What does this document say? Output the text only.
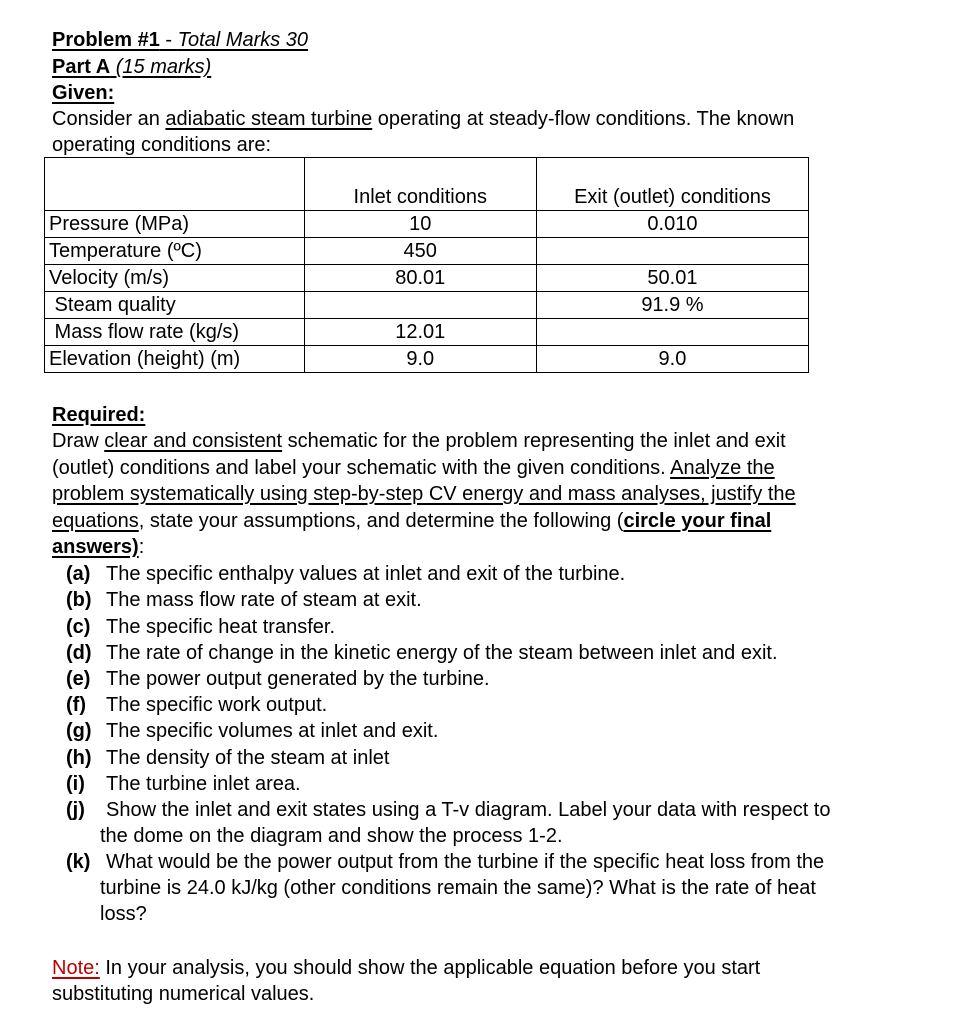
Problem #1 - Total Marks 30
Part A (15 marks)
Given:
Consider an adiabatic steam turbine operating at steady-flow conditions. The known
operating conditions are:
	Inlet conditions	Exit (outlet) conditions
Pressure (MPa)	10	0.010
Temperature (ºC)	450	
Velocity (m/s)	80.01	50.01
Steam quality		91.9 %
Mass flow rate (kg/s)	12.01	
Elevation (height) (m)	9.0	9.0
Required:
Draw clear and consistent schematic for the problem representing the inlet and exit
(outlet) conditions and label your schematic with the given conditions. Analyze the
problem systematically using step-by-step CV energy and mass analyses, justify the
equations, state your assumptions, and determine the following (circle your final
answers):
(a) The specific enthalpy values at inlet and exit of the turbine.
(b) The mass flow rate of steam at exit.
(c) The specific heat transfer.
(d) The rate of change in the kinetic energy of the steam between inlet and exit.
(e) The power output generated by the turbine.
(f) The specific work output.
(g) The specific volumes at inlet and exit.
(h) The density of the steam at inlet
(i) The turbine inlet area.
(j) Show the inlet and exit states using a T-v diagram. Label your data with respect to
the dome on the diagram and show the process 1-2.
(k) What would be the power output from the turbine if the specific heat loss from the
turbine is 24.0 kJ/kg (other conditions remain the same)? What is the rate of heat
loss?
Note: In your analysis, you should show the applicable equation before you start
substituting numerical values.
